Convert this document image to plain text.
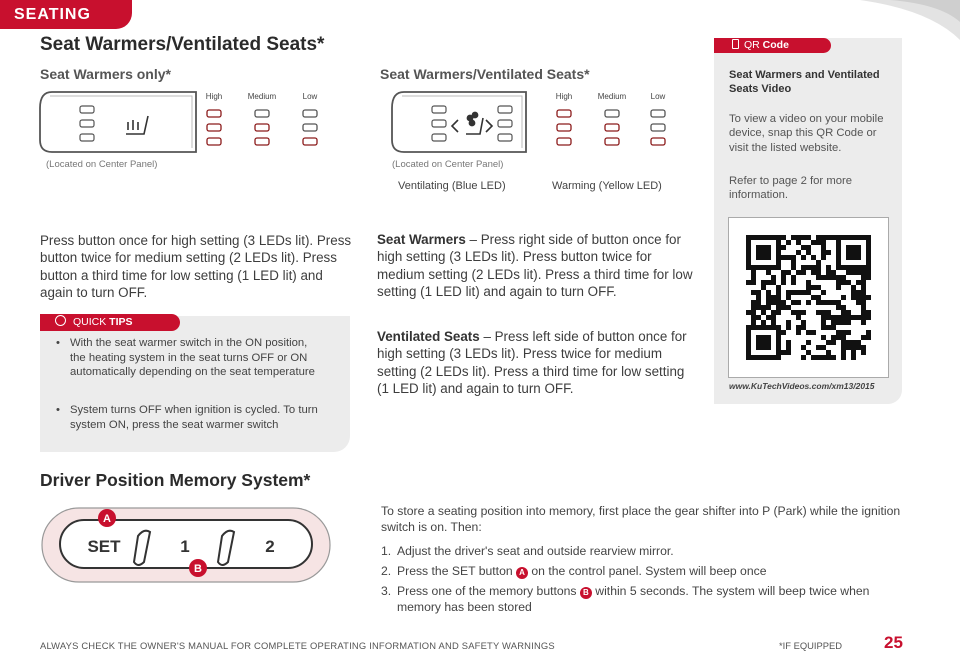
SEATING
Seat Warmers/Ventilated Seats*
Seat Warmers only*
High	Medium	Low
(Located on Center Panel)
Seat Warmers/Ventilated Seats*
High	Medium	Low
(Located on Center Panel)
Ventilating (Blue LED)	Warming (Yellow LED)

Press button once for high setting (3 LEDs lit). Press button twice for medium setting (2 LEDs lit). Press button a third time for low setting (1 LED lit) and again to turn OFF.

Seat Warmers – Press right side of button once for high setting (3 LEDs lit). Press button twice for medium setting (2 LEDs lit). Press a third time for low setting (1 LED lit) and again to turn OFF.

Ventilated Seats – Press left side of button once for high setting (3 LEDs lit). Press twice for medium setting (2 LEDs lit). Press a third time for low setting (1 LED lit) and again to turn OFF.

QUICK TIPS
• With the seat warmer switch in the ON position, the heating system in the seat turns OFF or ON automatically depending on the seat temperature
• System turns OFF when ignition is cycled. To turn system ON, press the seat warmer switch
QR Code
Seat Warmers and Ventilated Seats Video
To view a video on your mobile device, snap this QR Code or visit the listed website.
Refer to page 2 for more information.
www.KuTechVideos.com/xm13/2015
Driver Position Memory System*
SET	1	2
A
B
To store a seating position into memory, first place the gear shifter into P (Park) while the ignition switch is on. Then:
1. Adjust the driver's seat and outside rearview mirror.
2. Press the SET button A on the control panel. System will beep once
3. Press one of the memory buttons B within 5 seconds. The system will beep twice when memory has been stored
ALWAYS CHECK THE OWNER'S MANUAL FOR COMPLETE OPERATING INFORMATION AND SAFETY WARNINGS	*IF EQUIPPED 25
